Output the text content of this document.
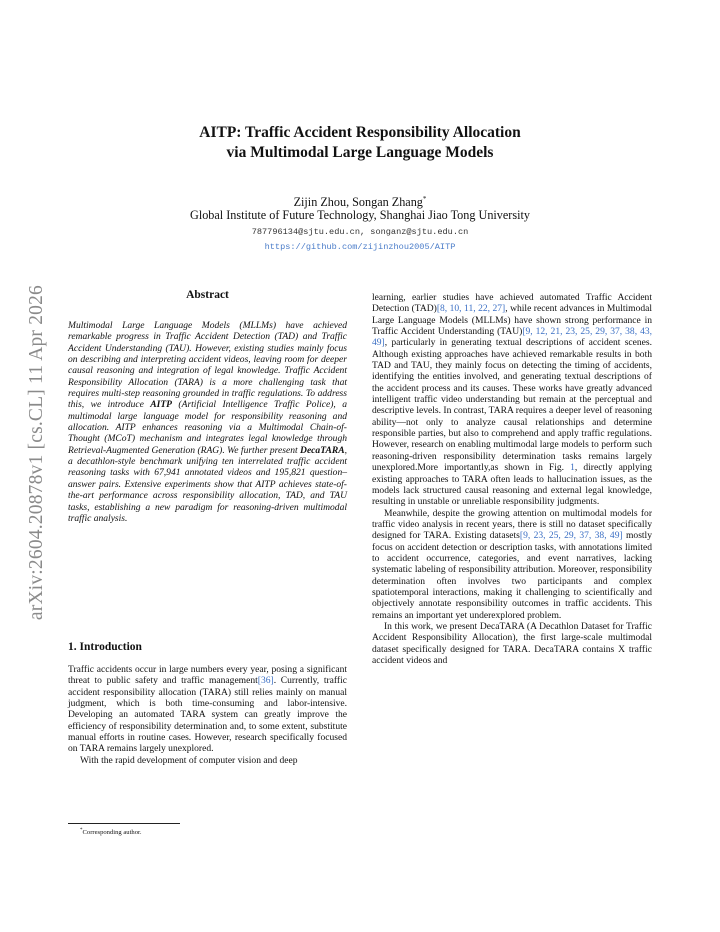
arXiv:2604.20878v1 [cs.CL] 11 Apr 2026
AITP: Traffic Accident Responsibility Allocation
via Multimodal Large Language Models
Zijin Zhou, Songan Zhang*
Global Institute of Future Technology, Shanghai Jiao Tong University
787796134@sjtu.edu.cn, songanz@sjtu.edu.cn
https://github.com/zijinzhou2005/AITP
Abstract
Multimodal Large Language Models (MLLMs) have achieved remarkable progress in Traffic Accident Detection (TAD) and Traffic Accident Understanding (TAU). However, existing studies mainly focus on describing and interpreting accident videos, leaving room for deeper causal reasoning and integration of legal knowledge. Traffic Accident Responsibility Allocation (TARA) is a more challenging task that requires multi-step reasoning grounded in traffic regulations. To address this, we introduce AITP (Artificial Intelligence Traffic Police), a multimodal large language model for responsibility reasoning and allocation. AITP enhances reasoning via a Multimodal Chain-of-Thought (MCoT) mechanism and integrates legal knowledge through Retrieval-Augmented Generation (RAG). We further present DecaTARA, a decathlon-style benchmark unifying ten interrelated traffic accident reasoning tasks with 67,941 annotated videos and 195,821 question–answer pairs. Extensive experiments show that AITP achieves state-of-the-art performance across responsibility allocation, TAD, and TAU tasks, establishing a new paradigm for reasoning-driven multimodal traffic analysis.
1. Introduction

Traffic accidents occur in large numbers every year, posing a significant threat to public safety and traffic management[36]. Currently, traffic accident responsibility allocation (TARA) still relies mainly on manual judgment, which is both time-consuming and labor-intensive. Developing an automated TARA system can greatly improve the efficiency of responsibility determination and, to some extent, substitute manual efforts in routine cases. However, research specifically focused on TARA remains largely unexplored.

With the rapid development of computer vision and deep

learning, earlier studies have achieved automated Traffic Accident Detection (TAD)[8, 10, 11, 22, 27], while recent advances in Multimodal Large Language Models (MLLMs) have shown strong performance in Traffic Accident Understanding (TAU)[9, 12, 21, 23, 25, 29, 37, 38, 43, 49], particularly in generating textual descriptions of accident scenes. Although existing approaches have achieved remarkable results in both TAD and TAU, they mainly focus on detecting the timing of accidents, identifying the entities involved, and generating textual descriptions of the accident process and its causes. These works have greatly advanced intelligent traffic video understanding but remain at the perceptual and descriptive levels. In contrast, TARA requires a deeper level of reasoning ability—not only to analyze causal relationships and determine responsible parties, but also to comprehend and apply traffic regulations. However, research on enabling multimodal large models to perform such reasoning-driven responsibility determination tasks remains largely unexplored.More importantly,as shown in Fig. 1, directly applying existing approaches to TARA often leads to hallucination issues, as the models lack structured causal reasoning and external legal knowledge, resulting in unstable or unreliable responsibility judgments.

Meanwhile, despite the growing attention on multimodal models for traffic video analysis in recent years, there is still no dataset specifically designed for TARA. Existing datasets[9, 23, 25, 29, 37, 38, 49] mostly focus on accident detection or description tasks, with annotations limited to accident occurrence, categories, and event narratives, lacking systematic labeling of responsibility attribution. Moreover, responsibility determination often involves two participants and complex spatiotemporal interactions, making it challenging to scientifically and objectively annotate responsibility outcomes in traffic accidents. This remains an important yet underexplored problem.

In this work, we present DecaTARA (A Decathlon Dataset for Traffic Accident Responsibility Allocation), the first large-scale multimodal dataset specifically designed for TARA. DecaTARA contains X traffic accident videos and

*Corresponding author.
